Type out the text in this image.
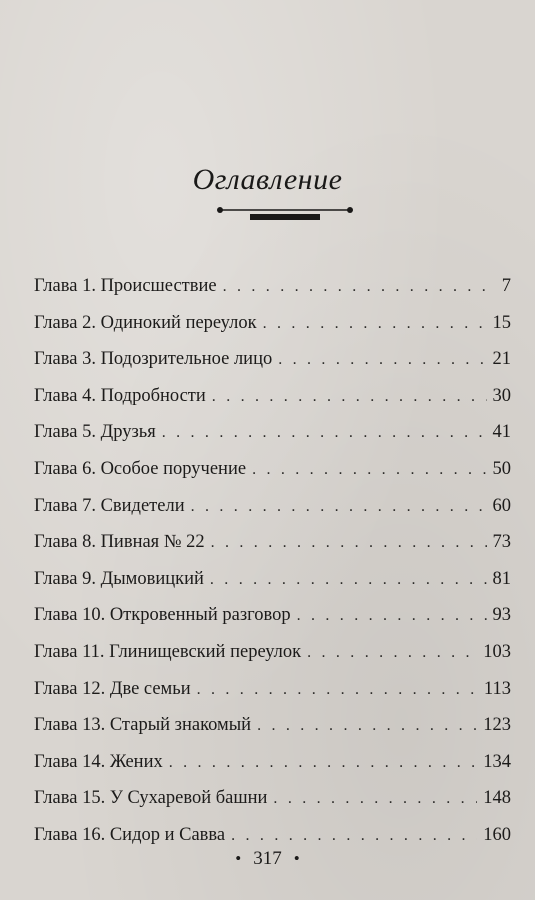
Оглавление
Глава 1. Происшествие . . .	7
Глава 2. Одинокий переулок . . .	15
Глава 3. Подозрительное лицо . . .	21
Глава 4. Подробности . . .	30
Глава 5. Друзья . . .	41
Глава 6. Особое поручение . . .	50
Глава 7. Свидетели . . .	60
Глава 8. Пивная № 22 . . .	73
Глава 9. Дымовицкий . . .	81
Глава 10. Откровенный разговор . . .	93
Глава 11. Глинищевский переулок . . .	103
Глава 12. Две семьи . . .	113
Глава 13. Старый знакомый . . .	123
Глава 14. Жених . . .	134
Глава 15. У Сухаревой башни . . .	148
Глава 16. Сидор и Савва . . .	160
• 317 •
